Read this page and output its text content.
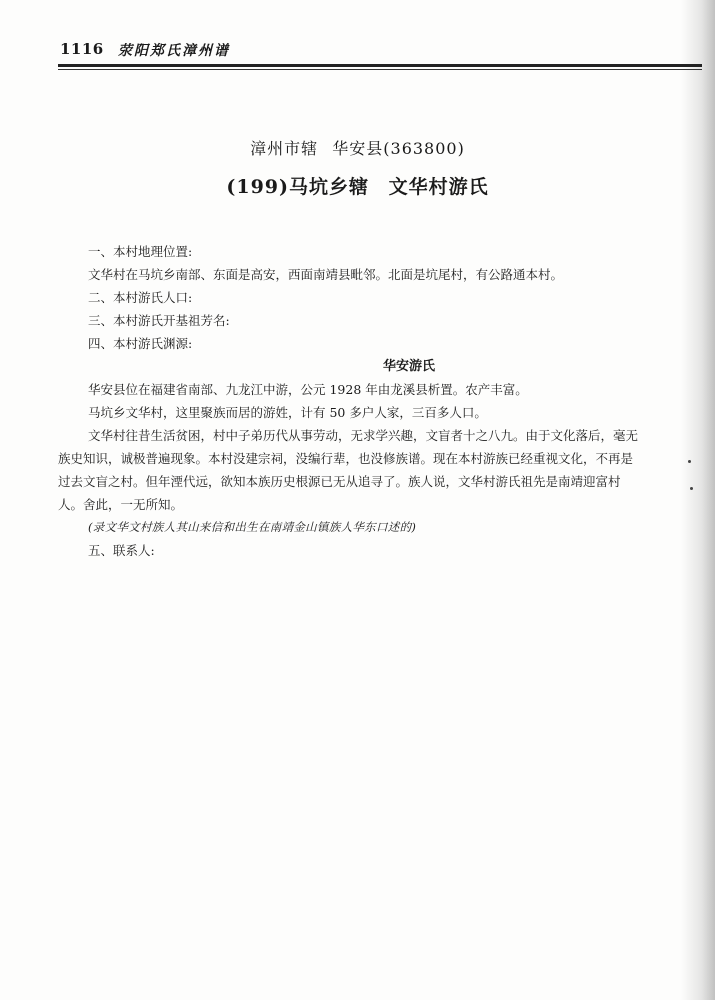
1116 荥阳郑氏漳州谱
漳州市辖 华安县(363800)
(199)马坑乡辖 文华村游氏
一、本村地理位置:
文华村在马坑乡南部、东面是高安，西面南靖县毗邻。北面是坑尾村，有公路通本村。
二、本村游氏人口:
三、本村游氏开基祖芳名:
四、本村游氏渊源:
华安游氏
华安县位在福建省南部、九龙江中游，公元 1928 年由龙溪县析置。农产丰富。
马坑乡文华村，这里聚族而居的游姓，计有 50 多户人家，三百多人口。
文华村往昔生活贫困，村中子弟历代从事劳动，无求学兴趣，文盲者十之八九。由于文化落后，毫无
族史知识，诚极普遍现象。本村没建宗祠，没编行辈，也没修族谱。现在本村游族已经重视文化，不再是
过去文盲之村。但年湮代远，欲知本族历史根源已无从追寻了。族人说，文华村游氏祖先是南靖迎富村
人。舍此，一无所知。
(录文华文村族人其山来信和出生在南靖金山镇族人华东口述的)
五、联系人:
